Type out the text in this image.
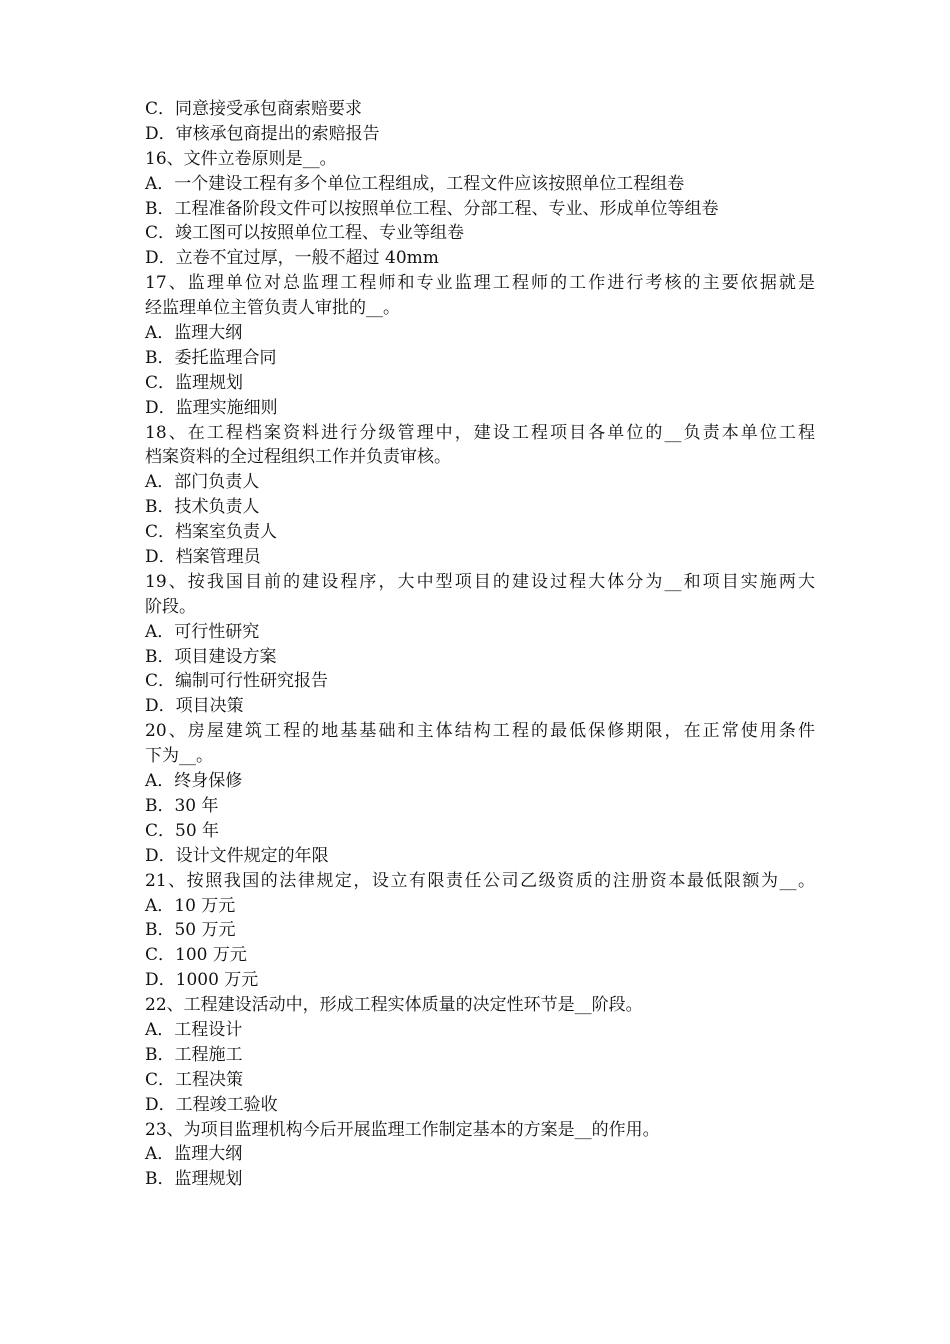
C．同意接受承包商索赔要求
D．审核承包商提出的索赔报告
16、文件立卷原则是__。
A．一个建设工程有多个单位工程组成，工程文件应该按照单位工程组卷
B．工程准备阶段文件可以按照单位工程、分部工程、专业、形成单位等组卷
C．竣工图可以按照单位工程、专业等组卷
D．立卷不宜过厚，一般不超过 40mm
17、监理单位对总监理工程师和专业监理工程师的工作进行考核的主要依据就是
经监理单位主管负责人审批的__。
A．监理大纲
B．委托监理合同
C．监理规划
D．监理实施细则
18、在工程档案资料进行分级管理中，建设工程项目各单位的__负责本单位工程
档案资料的全过程组织工作并负责审核。
A．部门负责人
B．技术负责人
C．档案室负责人
D．档案管理员
19、按我国目前的建设程序，大中型项目的建设过程大体分为__和项目实施两大
阶段。
A．可行性研究
B．项目建设方案
C．编制可行性研究报告
D．项目决策
20、房屋建筑工程的地基基础和主体结构工程的最低保修期限，在正常使用条件
下为__。
A．终身保修
B．30 年
C．50 年
D．设计文件规定的年限
21、按照我国的法律规定，设立有限责任公司乙级资质的注册资本最低限额为__。
A．10 万元
B．50 万元
C．100 万元
D．1000 万元
22、工程建设活动中，形成工程实体质量的决定性环节是__阶段。
A．工程设计
B．工程施工
C．工程决策
D．工程竣工验收
23、为项目监理机构今后开展监理工作制定基本的方案是__的作用。
A．监理大纲
B．监理规划
